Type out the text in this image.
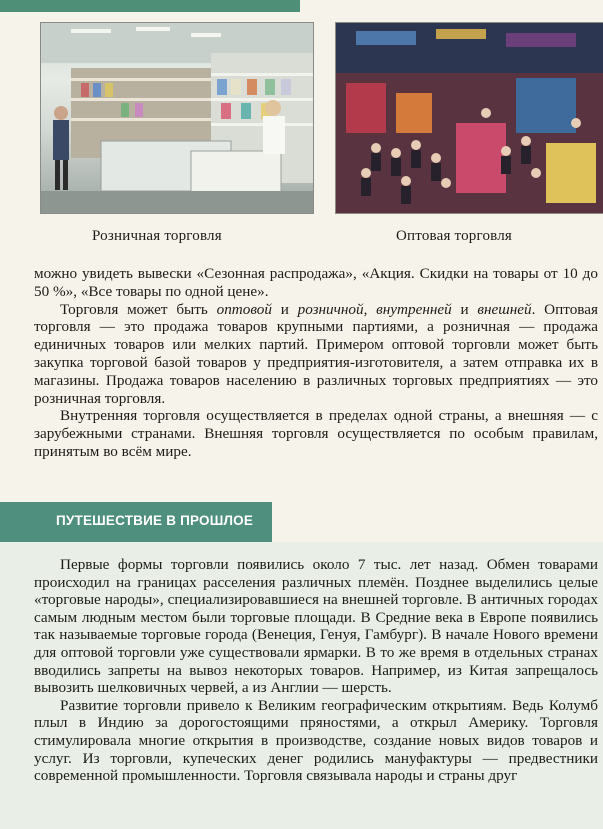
Розничная торговля	Оптовая торговля

можно увидеть вывески «Сезонная распродажа», «Акция. Скидки на товары от 10 до 50 %», «Все товары по одной цене».

Торговля может быть оптовой и розничной, внутренней и внешней. Оптовая торговля — это продажа товаров крупными партиями, а розничная — продажа единичных товаров или мелких партий. Примером оптовой торговли может быть закупка торговой базой товаров у предприятия-изготовителя, а затем отправка их в магазины. Продажа товаров населению в различных торговых предприятиях — это розничная торговля.

Внутренняя торговля осуществляется в пределах одной страны, а внешняя — с зарубежными странами. Внешняя торговля осуществляется по особым правилам, принятым во всём мире.

ПУТЕШЕСТВИЕ В ПРОШЛОЕ

Первые формы торговли появились около 7 тыс. лет назад. Обмен товарами происходил на границах расселения различных племён. Позднее выделились целые «торговые народы», специализировавшиеся на внешней торговле. В античных городах самым людным местом были торговые площади. В Средние века в Европе появились так называемые торговые города (Венеция, Генуя, Гамбург). В начале Нового времени для оптовой торговли уже существовали ярмарки. В то же время в отдельных странах вводились запреты на вывоз некоторых товаров. Например, из Китая запрещалось вывозить шелковичных червей, а из Англии — шерсть.

Развитие торговли привело к Великим географическим открытиям. Ведь Колумб плыл в Индию за дорогостоящими пряностями, а открыл Америку. Торговля стимулировала многие открытия в производстве, создание новых видов товаров и услуг. Из торговли, купеческих денег родились мануфактуры — предвестники современной промышленности. Торговля связывала народы и страны друг
